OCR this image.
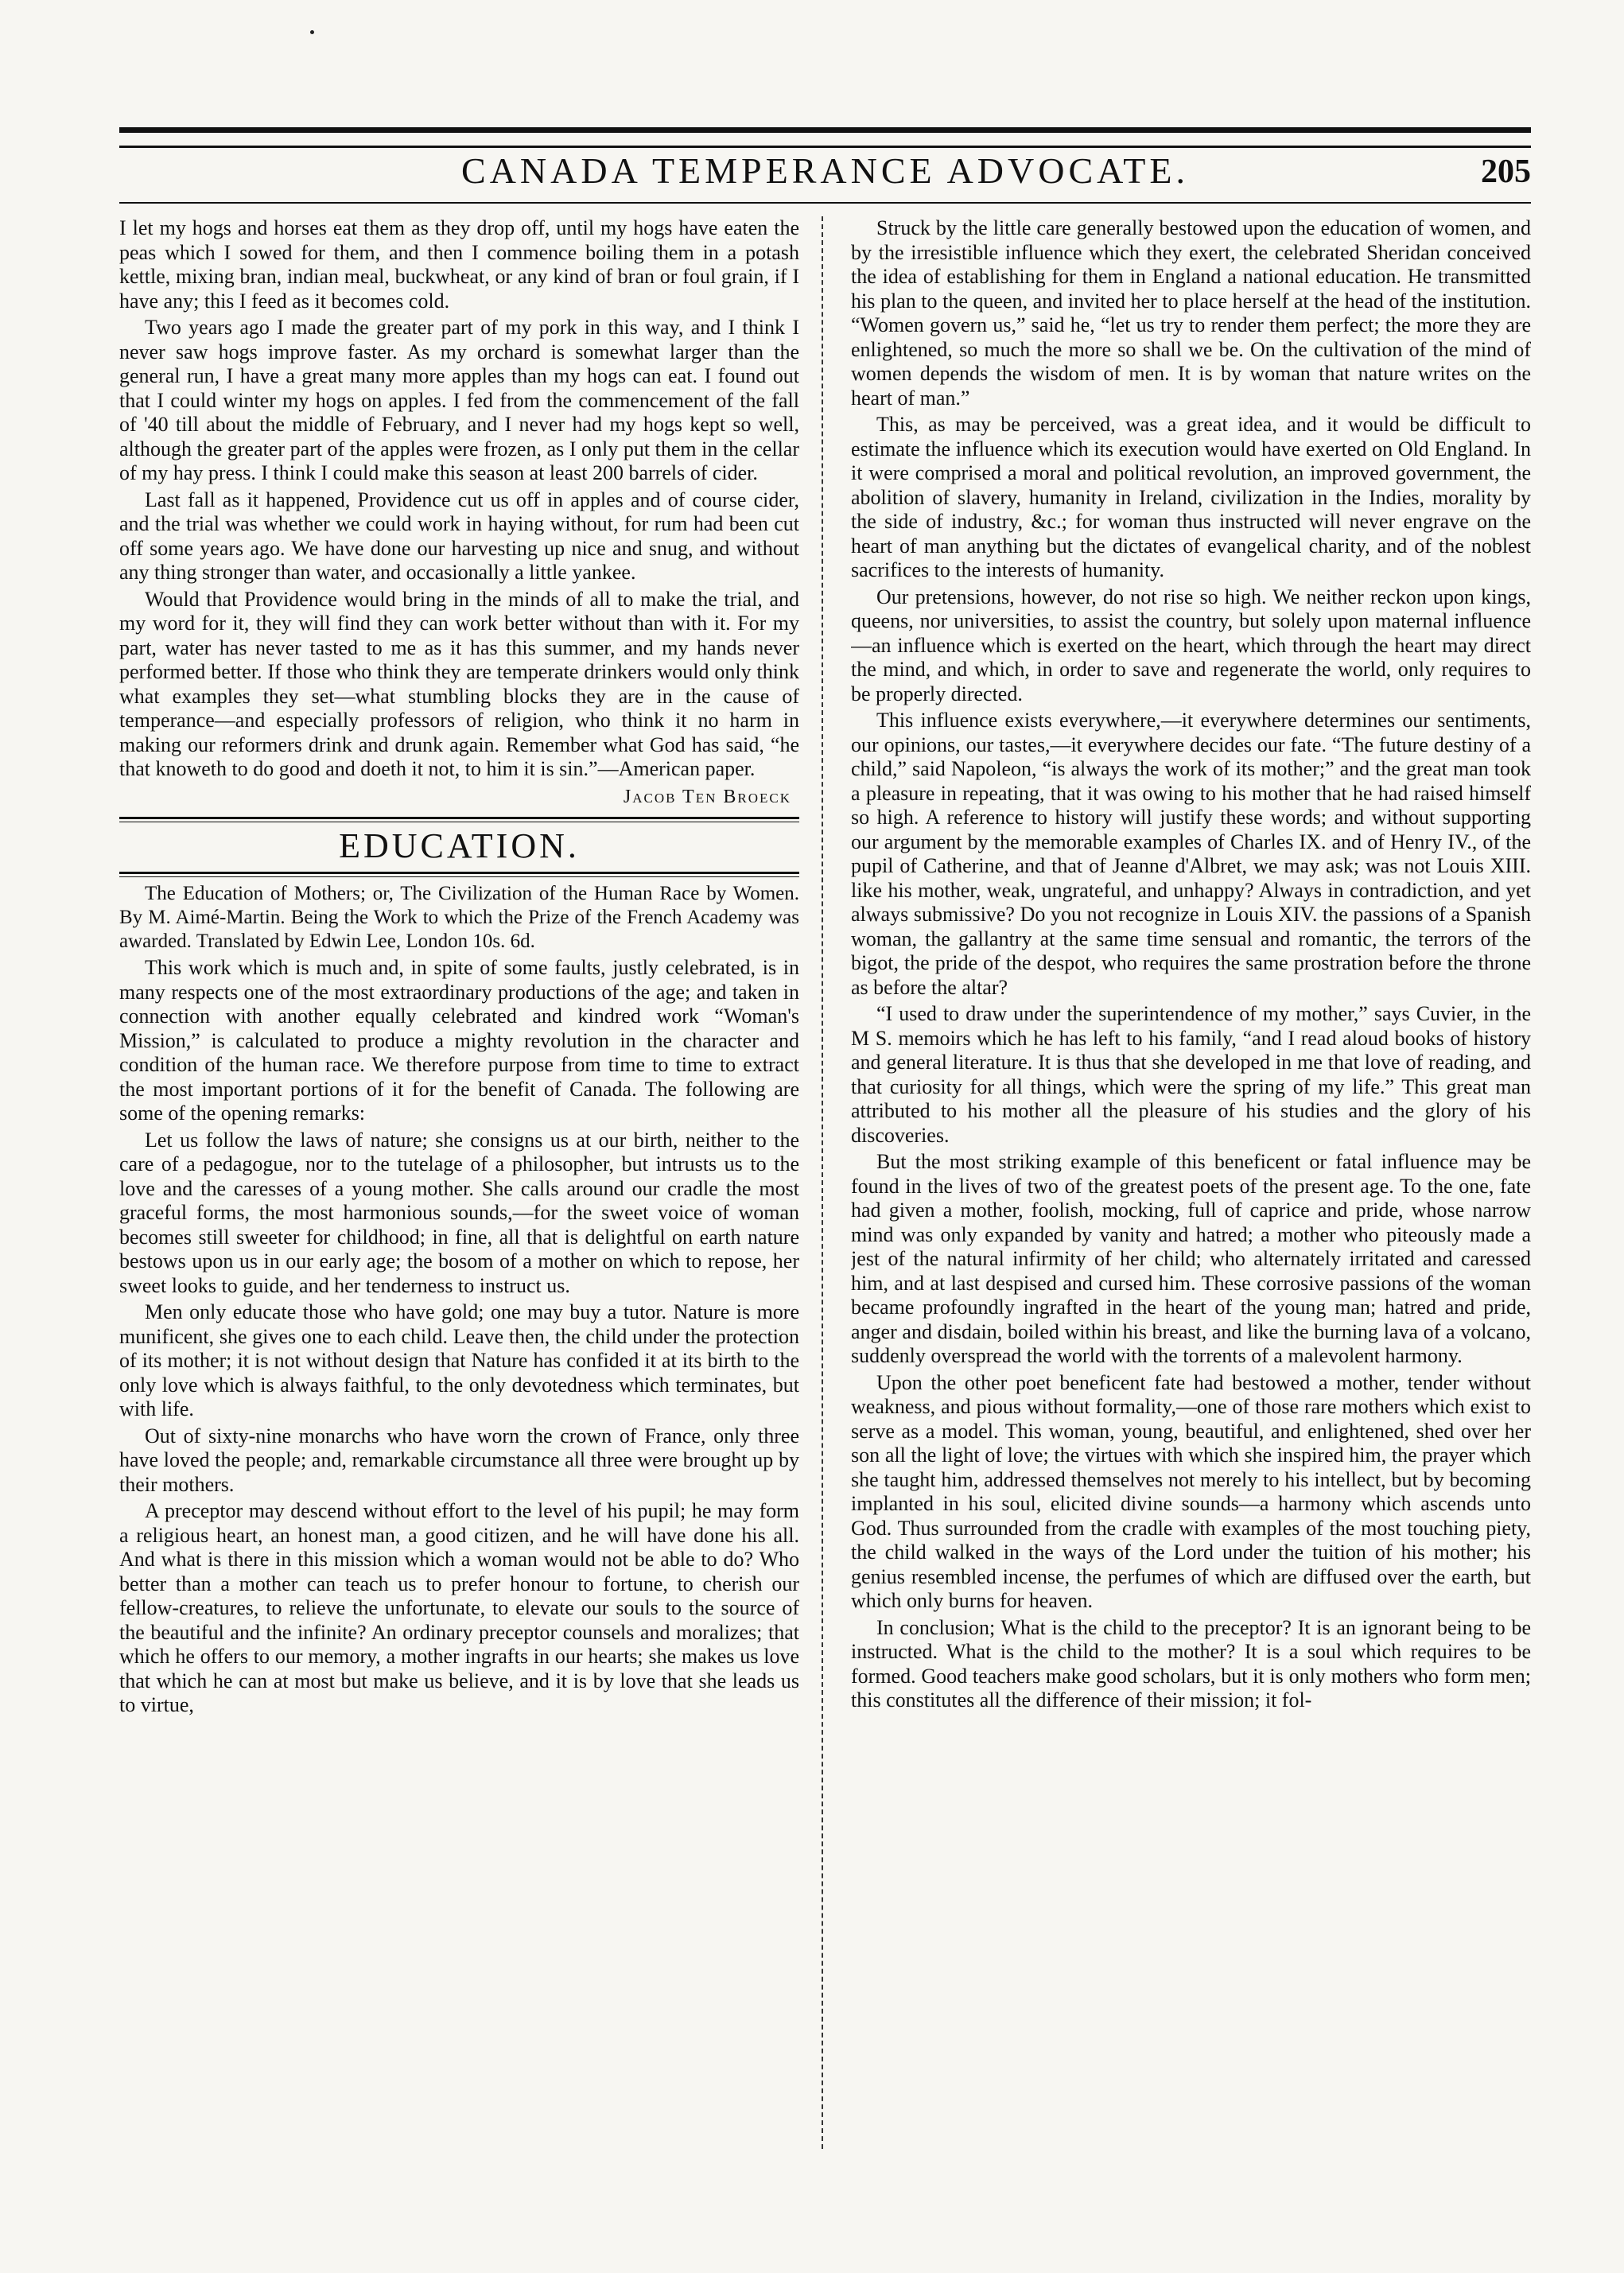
CANADA TEMPERANCE ADVOCATE.	205

I let my hogs and horses eat them as they drop off, until my hogs have eaten the peas which I sowed for them, and then I commence boiling them in a potash kettle, mixing bran, indian meal, buckwheat, or any kind of bran or foul grain, if I have any; this I feed as it becomes cold.

Two years ago I made the greater part of my pork in this way, and I think I never saw hogs improve faster. As my orchard is somewhat larger than the general run, I have a great many more apples than my hogs can eat. I found out that I could winter my hogs on apples. I fed from the commencement of the fall of '40 till about the middle of February, and I never had my hogs kept so well, although the greater part of the apples were frozen, as I only put them in the cellar of my hay press. I think I could make this season at least 200 barrels of cider.

Last fall as it happened, Providence cut us off in apples and of course cider, and the trial was whether we could work in haying without, for rum had been cut off some years ago. We have done our harvesting up nice and snug, and without any thing stronger than water, and occasionally a little yankee.

Would that Providence would bring in the minds of all to make the trial, and my word for it, they will find they can work better without than with it. For my part, water has never tasted to me as it has this summer, and my hands never performed better. If those who think they are temperate drinkers would only think what examples they set—what stumbling blocks they are in the cause of temperance—and especially professors of religion, who think it no harm in making our reformers drink and drunk again. Remember what God has said, “he that knoweth to do good and doeth it not, to him it is sin.”—American paper.

Jacob Ten Broeck
EDUCATION.

The Education of Mothers; or, The Civilization of the Human Race by Women. By M. Aimé-Martin. Being the Work to which the Prize of the French Academy was awarded. Translated by Edwin Lee, London 10s. 6d.

This work which is much and, in spite of some faults, justly celebrated, is in many respects one of the most extraordinary productions of the age; and taken in connection with another equally celebrated and kindred work “Woman's Mission,” is calculated to produce a mighty revolution in the character and condition of the human race. We therefore purpose from time to time to extract the most important portions of it for the benefit of Canada. The following are some of the opening remarks:

Let us follow the laws of nature; she consigns us at our birth, neither to the care of a pedagogue, nor to the tutelage of a philosopher, but intrusts us to the love and the caresses of a young mother. She calls around our cradle the most graceful forms, the most harmonious sounds,—for the sweet voice of woman becomes still sweeter for childhood; in fine, all that is delightful on earth nature bestows upon us in our early age; the bosom of a mother on which to repose, her sweet looks to guide, and her tenderness to instruct us.

Men only educate those who have gold; one may buy a tutor. Nature is more munificent, she gives one to each child. Leave then, the child under the protection of its mother; it is not without design that Nature has confided it at its birth to the only love which is always faithful, to the only devotedness which terminates, but with life.

Out of sixty-nine monarchs who have worn the crown of France, only three have loved the people; and, remarkable circumstance all three were brought up by their mothers.

A preceptor may descend without effort to the level of his pupil; he may form a religious heart, an honest man, a good citizen, and he will have done his all. And what is there in this mission which a woman would not be able to do? Who better than a mother can teach us to prefer honour to fortune, to cherish our fellow-creatures, to relieve the unfortunate, to elevate our souls to the source of the beautiful and the infinite? An ordinary preceptor counsels and moralizes; that which he offers to our memory, a mother ingrafts in our hearts; she makes us love that which he can at most but make us believe, and it is by love that she leads us to virtue,

Struck by the little care generally bestowed upon the education of women, and by the irresistible influence which they exert, the celebrated Sheridan conceived the idea of establishing for them in England a national education. He transmitted his plan to the queen, and invited her to place herself at the head of the institution. “Women govern us,” said he, “let us try to render them perfect; the more they are enlightened, so much the more so shall we be. On the cultivation of the mind of women depends the wisdom of men. It is by woman that nature writes on the heart of man.”

This, as may be perceived, was a great idea, and it would be difficult to estimate the influence which its execution would have exerted on Old England. In it were comprised a moral and political revolution, an improved government, the abolition of slavery, humanity in Ireland, civilization in the Indies, morality by the side of industry, &c.; for woman thus instructed will never engrave on the heart of man anything but the dictates of evangelical charity, and of the noblest sacrifices to the interests of humanity.

Our pretensions, however, do not rise so high. We neither reckon upon kings, queens, nor universities, to assist the country, but solely upon maternal influence—an influence which is exerted on the heart, which through the heart may direct the mind, and which, in order to save and regenerate the world, only requires to be properly directed.

This influence exists everywhere,—it everywhere determines our sentiments, our opinions, our tastes,—it everywhere decides our fate. “The future destiny of a child,” said Napoleon, “is always the work of its mother;” and the great man took a pleasure in repeating, that it was owing to his mother that he had raised himself so high. A reference to history will justify these words; and without supporting our argument by the memorable examples of Charles IX. and of Henry IV., of the pupil of Catherine, and that of Jeanne d'Albret, we may ask; was not Louis XIII. like his mother, weak, ungrateful, and unhappy? Always in contradiction, and yet always submissive? Do you not recognize in Louis XIV. the passions of a Spanish woman, the gallantry at the same time sensual and romantic, the terrors of the bigot, the pride of the despot, who requires the same prostration before the throne as before the altar?

“I used to draw under the superintendence of my mother,” says Cuvier, in the M S. memoirs which he has left to his family, “and I read aloud books of history and general literature. It is thus that she developed in me that love of reading, and that curiosity for all things, which were the spring of my life.” This great man attributed to his mother all the pleasure of his studies and the glory of his discoveries.

But the most striking example of this beneficent or fatal influence may be found in the lives of two of the greatest poets of the present age. To the one, fate had given a mother, foolish, mocking, full of caprice and pride, whose narrow mind was only expanded by vanity and hatred; a mother who piteously made a jest of the natural infirmity of her child; who alternately irritated and caressed him, and at last despised and cursed him. These corrosive passions of the woman became profoundly ingrafted in the heart of the young man; hatred and pride, anger and disdain, boiled within his breast, and like the burning lava of a volcano, suddenly overspread the world with the torrents of a malevolent harmony.

Upon the other poet beneficent fate had bestowed a mother, tender without weakness, and pious without formality,—one of those rare mothers which exist to serve as a model. This woman, young, beautiful, and enlightened, shed over her son all the light of love; the virtues with which she inspired him, the prayer which she taught him, addressed themselves not merely to his intellect, but by becoming implanted in his soul, elicited divine sounds—a harmony which ascends unto God. Thus surrounded from the cradle with examples of the most touching piety, the child walked in the ways of the Lord under the tuition of his mother; his genius resembled incense, the perfumes of which are diffused over the earth, but which only burns for heaven.

In conclusion; What is the child to the preceptor? It is an ignorant being to be instructed. What is the child to the mother? It is a soul which requires to be formed. Good teachers make good scholars, but it is only mothers who form men; this constitutes all the difference of their mission; it fol-
